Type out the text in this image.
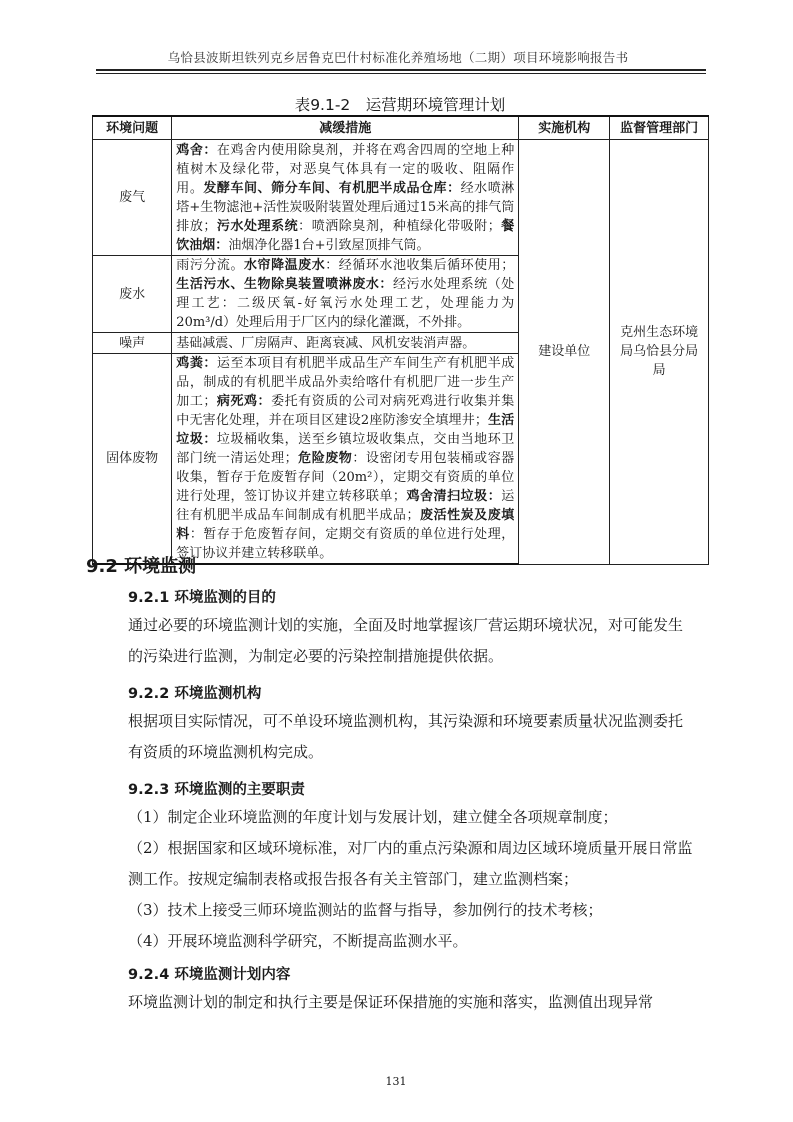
乌恰县波斯坦铁列克乡居鲁克巴什村标准化养殖场地（二期）项目环境影响报告书
表9.1-2　运营期环境管理计划
环境问题	减缓措施	实施机构	监督管理部门
废气	鸡舍：在鸡舍内使用除臭剂，并将在鸡舍四周的空地上种植树木及绿化带，对恶臭气体具有一定的吸收、阻隔作用。发酵车间、筛分车间、有机肥半成品仓库：经水喷淋塔+生物滤池+活性炭吸附装置处理后通过15米高的排气筒排放；污水处理系统：喷洒除臭剂，种植绿化带吸附；餐饮油烟：油烟净化器1台+引致屋顶排气筒。	建设单位	克州生态环境局乌恰县分局局
废水	雨污分流。水帘降温废水：经循环水池收集后循环使用；生活污水、生物除臭装置喷淋废水：经污水处理系统（处理工艺：二级厌氧-好氧污水处理工艺，处理能力为20m³/d）处理后用于厂区内的绿化灌溉，不外排。		
噪声	基础减震、厂房隔声、距离衰减、风机安装消声器。		
固体废物	鸡粪：运至本项目有机肥半成品生产车间生产有机肥半成品，制成的有机肥半成品外卖给喀什有机肥厂进一步生产加工；病死鸡：委托有资质的公司对病死鸡进行收集并集中无害化处理，并在项目区建设2座防渗安全填埋井；生活垃圾：垃圾桶收集，送至乡镇垃圾收集点，交由当地环卫部门统一清运处理；危险废物：设密闭专用包装桶或容器收集，暂存于危废暂存间（20m²），定期交有资质的单位进行处理，签订协议并建立转移联单；鸡舍清扫垃圾：运往有机肥半成品车间制成有机肥半成品；废活性炭及废填料：暂存于危废暂存间，定期交有资质的单位进行处理，签订协议并建立转移联单。		
9.2 环境监测
9.2.1 环境监测的目的
通过必要的环境监测计划的实施，全面及时地掌握该厂营运期环境状况，对可能发生的污染进行监测，为制定必要的污染控制措施提供依据。
9.2.2 环境监测机构
根据项目实际情况，可不单设环境监测机构，其污染源和环境要素质量状况监测委托有资质的环境监测机构完成。
9.2.3 环境监测的主要职责
（1）制定企业环境监测的年度计划与发展计划，建立健全各项规章制度；
（2）根据国家和区域环境标准，对厂内的重点污染源和周边区域环境质量开展日常监测工作。按规定编制表格或报告报各有关主管部门，建立监测档案；
（3）技术上接受三师环境监测站的监督与指导，参加例行的技术考核；
（4）开展环境监测科学研究，不断提高监测水平。
9.2.4 环境监测计划内容
环境监测计划的制定和执行主要是保证环保措施的实施和落实，监测值出现异常
131
